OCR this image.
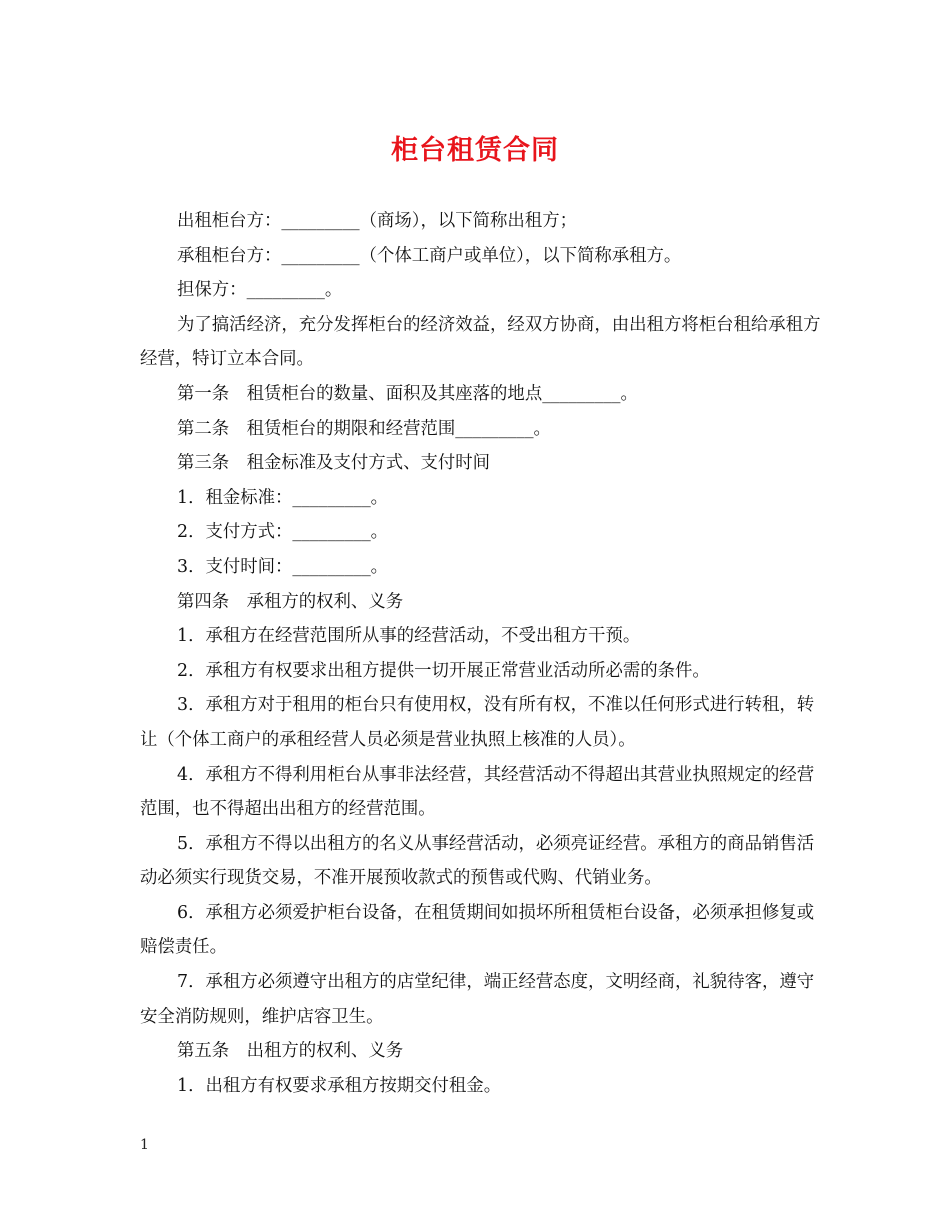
柜台租赁合同

出租柜台方：_________（商场），以下简称出租方；

承租柜台方：_________（个体工商户或单位），以下简称承租方。

担保方：_________。

为了搞活经济，充分发挥柜台的经济效益，经双方协商，由出租方将柜台租给承租方经营，特订立本合同。

第一条　租赁柜台的数量、面积及其座落的地点_________。

第二条　租赁柜台的期限和经营范围_________。

第三条　租金标准及支付方式、支付时间

1．租金标准：_________。

2．支付方式：_________。

3．支付时间：_________。

第四条　承租方的权利、义务

1．承租方在经营范围所从事的经营活动，不受出租方干预。

2．承租方有权要求出租方提供一切开展正常营业活动所必需的条件。

3．承租方对于租用的柜台只有使用权，没有所有权，不准以任何形式进行转租，转让（个体工商户的承租经营人员必须是营业执照上核准的人员）。

4．承租方不得利用柜台从事非法经营，其经营活动不得超出其营业执照规定的经营范围，也不得超出出租方的经营范围。

5．承租方不得以出租方的名义从事经营活动，必须亮证经营。承租方的商品销售活动必须实行现货交易，不准开展预收款式的预售或代购、代销业务。

6．承租方必须爱护柜台设备，在租赁期间如损坏所租赁柜台设备，必须承担修复或赔偿责任。

7．承租方必须遵守出租方的店堂纪律，端正经营态度，文明经商，礼貌待客，遵守安全消防规则，维护店容卫生。

第五条　出租方的权利、义务

1．出租方有权要求承租方按期交付租金。

1
